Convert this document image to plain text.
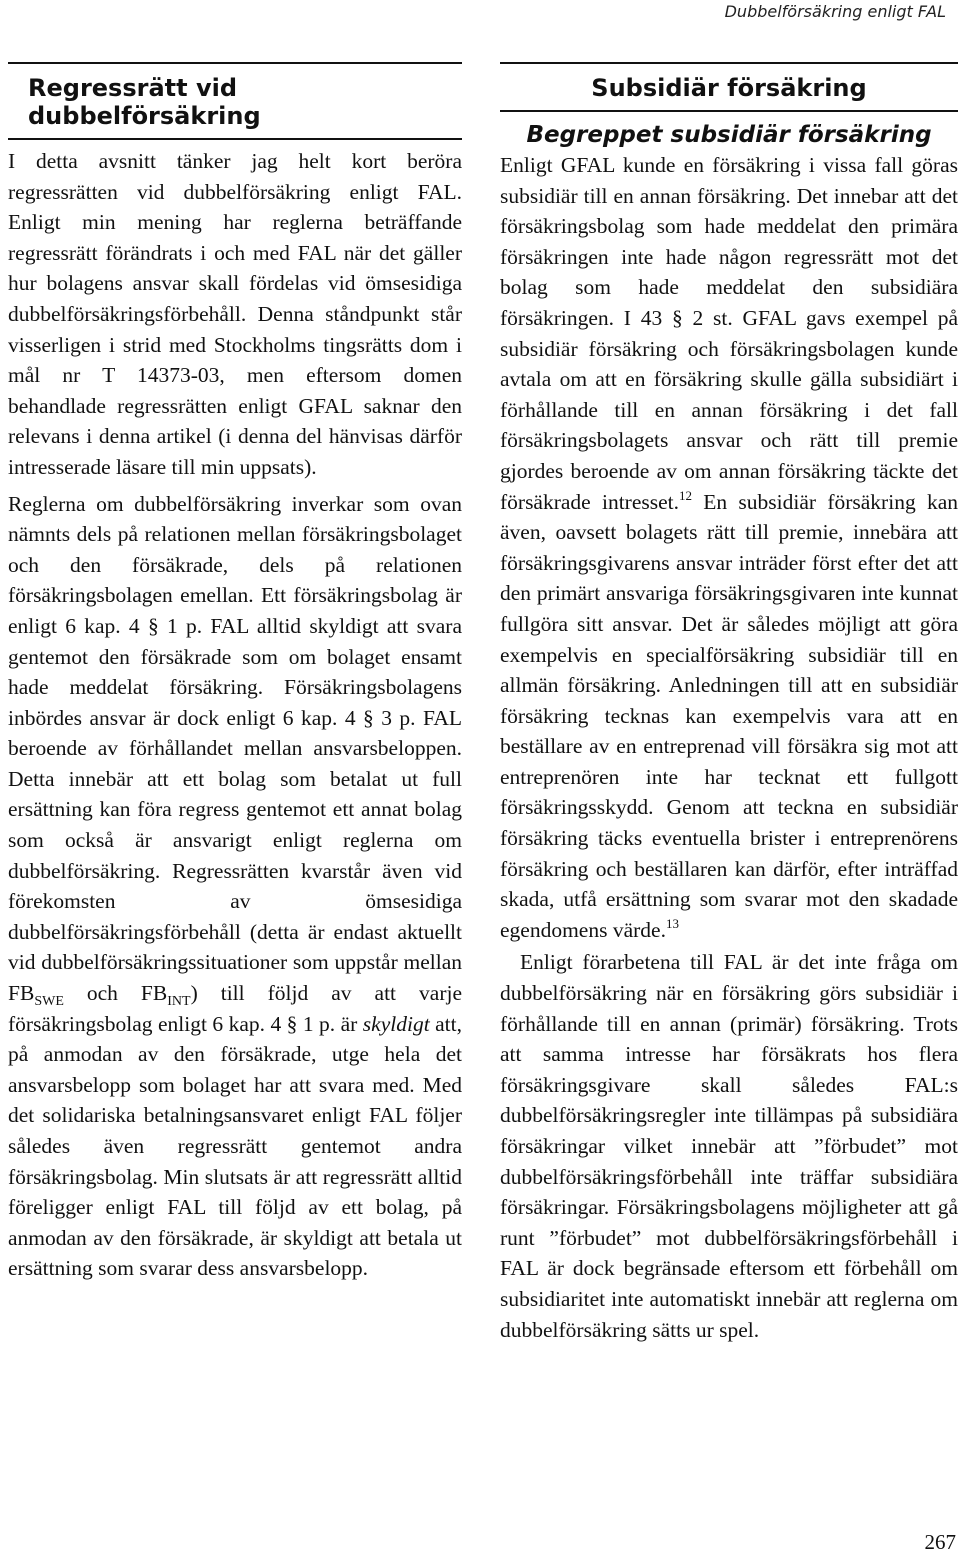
Dubbelförsäkring enligt FAL
Regressrätt vid dubbelförsäkring

I detta avsnitt tänker jag helt kort beröra regressrätten vid dubbelförsäkring enligt FAL. Enligt min mening har reglerna beträffande regressrätt förändrats i och med FAL när det gäller hur bolagens ansvar skall fördelas vid ömsesidiga dubbelförsäkringsförbehåll. Denna ståndpunkt står visserligen i strid med Stockholms tingsrätts dom i mål nr T 14373-03, men eftersom domen behandlade regressrätten enligt GFAL saknar den relevans i denna artikel (i denna del hänvisas därför intresserade läsare till min uppsats).

Reglerna om dubbelförsäkring inverkar som ovan nämnts dels på relationen mellan försäkringsbolaget och den försäkrade, dels på relationen försäkringsbolagen emellan. Ett försäkringsbolag är enligt 6 kap. 4 § 1 p. FAL alltid skyldigt att svara gentemot den försäkrade som om bolaget ensamt hade meddelat försäkring. Försäkringsbolagens inbördes ansvar är dock enligt 6 kap. 4 § 3 p. FAL beroende av förhållandet mellan ansvarsbeloppen. Detta innebär att ett bolag som betalat ut full ersättning kan föra regress gentemot ett annat bolag som också är ansvarigt enligt reglerna om dubbelförsäkring. Regressrätten kvarstår även vid förekomsten av ömsesidiga dubbelförsäkringsförbehåll (detta är endast aktuellt vid dubbelförsäkringssituationer som uppstår mellan $FB_{SWE}$ och $FB_{INT}$) till följd av att varje försäkringsbolag enligt 6 kap. 4 § 1 p. är skyldigt att, på anmodan av den försäkrade, utge hela det ansvarsbelopp som bolaget har att svara med. Med det solidariska betalningsansvaret enligt FAL följer således även regressrätt gentemot andra försäkringsbolag. Min slutsats är att regressrätt alltid föreligger enligt FAL till följd av ett bolag, på anmodan av den försäkrade, är skyldigt att betala ut ersättning som svarar dess ansvarsbelopp.

Subsidiär försäkring
Begreppet subsidiär försäkring

Enligt GFAL kunde en försäkring i vissa fall göras subsidiär till en annan försäkring. Det innebar att det försäkringsbolag som hade meddelat den primära försäkringen inte hade någon regressrätt mot det bolag som hade meddelat den subsidiära försäkringen. I 43 § 2 st. GFAL gavs exempel på subsidiär försäkring och försäkringsbolagen kunde avtala om att en försäkring skulle gälla subsidiärt i förhållande till en annan försäkring i det fall försäkringsbolagets ansvar och rätt till premie gjordes beroende av om annan försäkring täckte det försäkrade intresset.$^{12}$ En subsidiär försäkring kan även, oavsett bolagets rätt till premie, innebära att försäkringsgivarens ansvar inträder först efter det att den primärt ansvariga försäkringsgivaren inte kunnat fullgöra sitt ansvar. Det är således möjligt att göra exempelvis en specialförsäkring subsidiär till en allmän försäkring. Anledningen till att en subsidiär försäkring tecknas kan exempelvis vara att en beställare av en entreprenad vill försäkra sig mot att entreprenören inte har tecknat ett fullgott försäkringsskydd. Genom att teckna en subsidiär försäkring täcks eventuella brister i entreprenörens försäkring och beställaren kan därför, efter inträffad skada, utfå ersättning som svarar mot den skadade egendomens värde.$^{13}$

Enligt förarbetena till FAL är det inte fråga om dubbelförsäkring när en försäkring görs subsidiär i förhållande till en annan (primär) försäkring. Trots att samma intresse har försäkrats hos flera försäkringsgivare skall således FAL:s dubbelförsäkringsregler inte tillämpas på subsidiära försäkringar vilket innebär att ”förbudet” mot dubbelförsäkringsförbehåll inte träffar subsidiära försäkringar. Försäkringsbolagens möjligheter att gå runt ”förbudet” mot dubbelförsäkringsförbehåll i FAL är dock begränsade eftersom ett förbehåll om subsidiaritet inte automatiskt innebär att reglerna om dubbelförsäkring sätts ur spel.

267
